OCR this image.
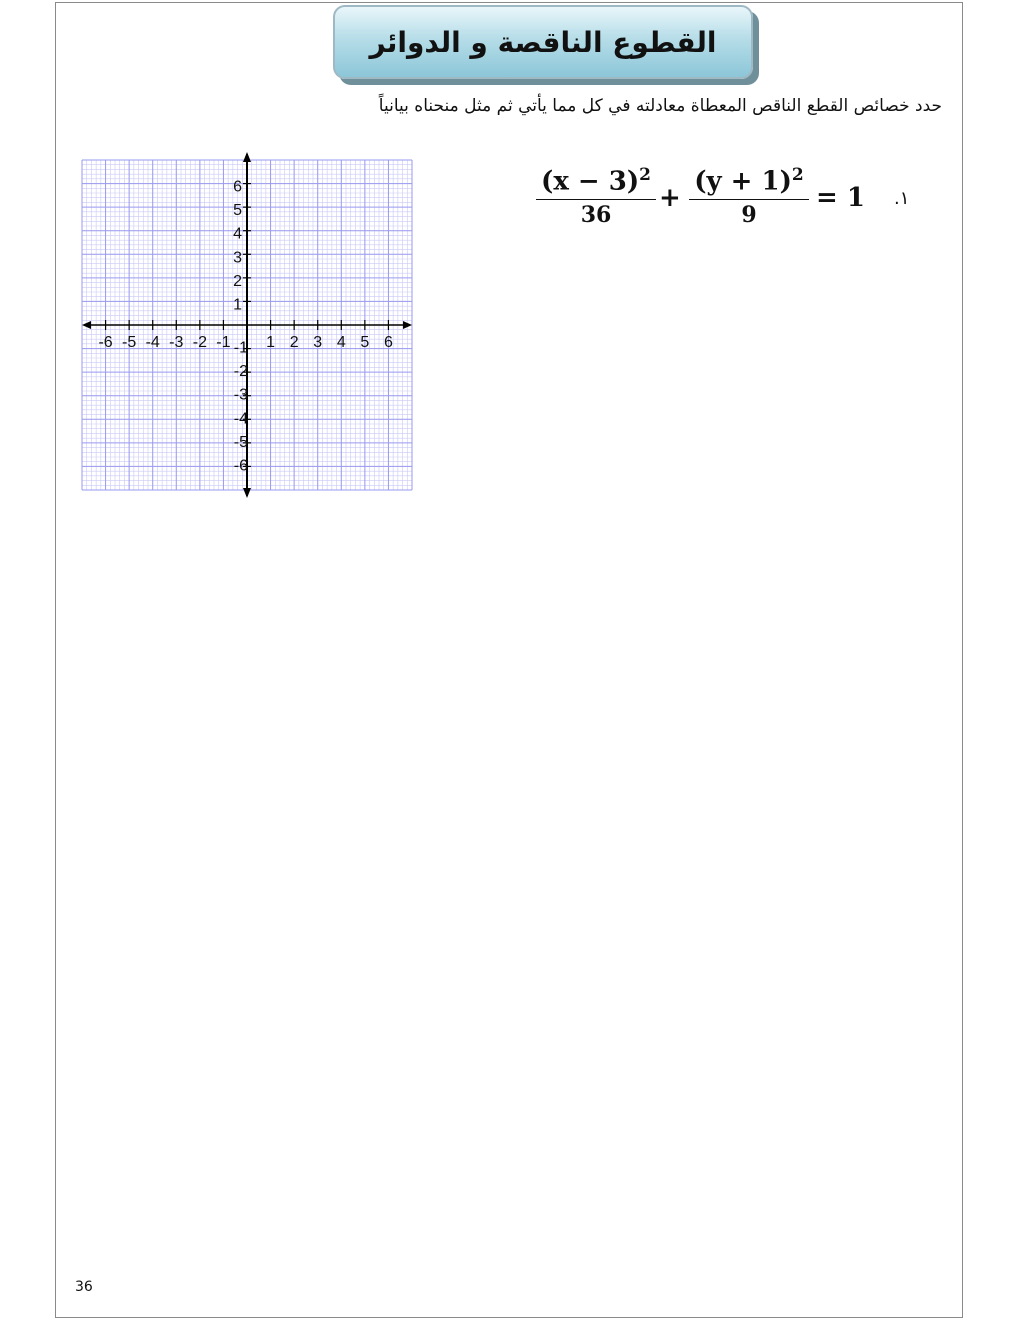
القطوع الناقصة و الدوائر
حدد خصائص القطع الناقص المعطاة معادلته في كل مما يأتي ثم مثل منحناه بيانياً
$(x - 3)^2$
36
+
$(y + 1)^2$
9
= 1 .١
-6 -5 -4 -3 -2 -1 1 2 3 4 5 6
6
5
4
3
2
1
-1
-2
-3
-4
-5
-6
36
